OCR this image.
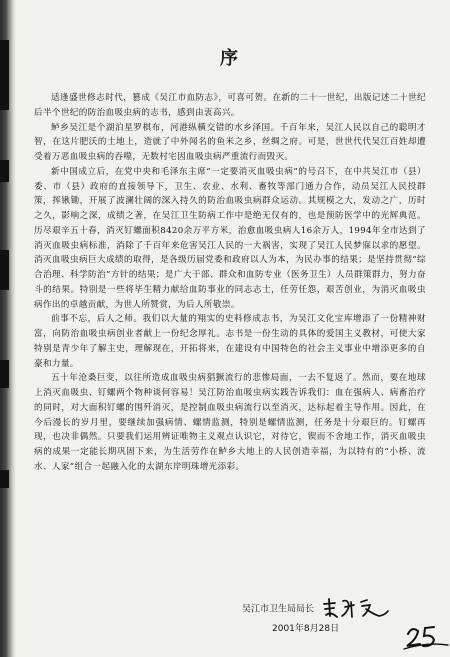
序

适逢盛世修志时代，篡成《吴江市血防志》，可喜可贺。在新的二十一世纪，出版记述二十世纪后半个世纪的防治血吸虫病的志书，感到由衷高兴。

鲈乡吴江是个湖泊星罗棋布，河港纵横交错的水乡泽国。千百年来，吴江人民以自己的聪明才智，在这片肥沃的土地上，造就了中外闻名的鱼米之乡，丝绸之府。可是，世世代代吴江百姓却遭受着万恶血吸虫病的吞噬，无数村宅因血吸虫病严重流行而毁灭。

新中国成立后，在党中央和毛泽东主席“一定要消灭血吸虫病”的号召下，在中共吴江市（县）委、市（县）政府的直接领导下，卫生、农业、水利、畜牧等部门通力合作，动员吴江人民投群策，挥锹锄，开展了波澜壮阔的深入持久的防治血吸虫病群众运动。其规模之大，发动之广，历时之久，影响之深，成绩之著，在吴江卫生防病工作中是绝无仅有的，也是预防医学中的光辉典范。历尽艰辛五十春，消灭钉螺面积8420余万平方米，治愈血吸虫病人16余万人，1994年全市达到了消灭血吸虫病标准，消除了千百年来危害吴江人民的一大祸害，实现了吴江人民梦寐以求的愿望。消灭血吸虫病巨大成绩的取得，是各级历届党委和政府以人为本，为民办事的结果；是坚持贯彻“综合治理、科学防治”方针的结果；是广大干部、群众和血防专业（医务卫生）人员群策群力，努力奋斗的结果。特别是一些将毕生精力献给血防事业的同志志士，任劳任怨，艰苦创业，为消灭血吸虫病作出的卓越贡献，为世人所赞赏，为后人所敬崇。

前事不忘，后人之师。我们以大量的翔实的史料修成志书，为吴江文化宝库增添了一份精神财富，向防治血吸虫病创业者献上一份纪念厚礼。志书是一份生动的具体的爱国主义教材，可使大家特别是青少年了解主史，理解现在，开拓将来，在建设有中国特色的社会主义事业中增添更多的自豪和力量。

五十年沧桑巨变，以往所造成血吸虫病猖獗流行的悲惨局面，一去不复返了。然而，要在地球上消灭血吸虫、钉螺两个物种谈何容易！吴江防治血吸虫病实践告诉我们：血在强病人、病畜治疗的同时，对大面积钉螺的围歼消灭，是控制血吸虫病流行以至消灭，达标起着主导作用。因此，在今后漫长的岁月里，要继续加强病情、螺情监测，特别是螺情监测，任务是十分艰巨的。钉螺再现，也决非偶然。只要我们运用辨证唯物主义观点认识它，对待它，锲而不舍地工作，消灭血吸虫病的成果一定能长期巩固下来，为生活劳作在鲈乡大地上的人民创造幸福，为以特有的“小桥、流水、人家”组合一起融入化的太湖东岸明珠增光添彩。

吴江市卫生局局长
2001年8月28日
